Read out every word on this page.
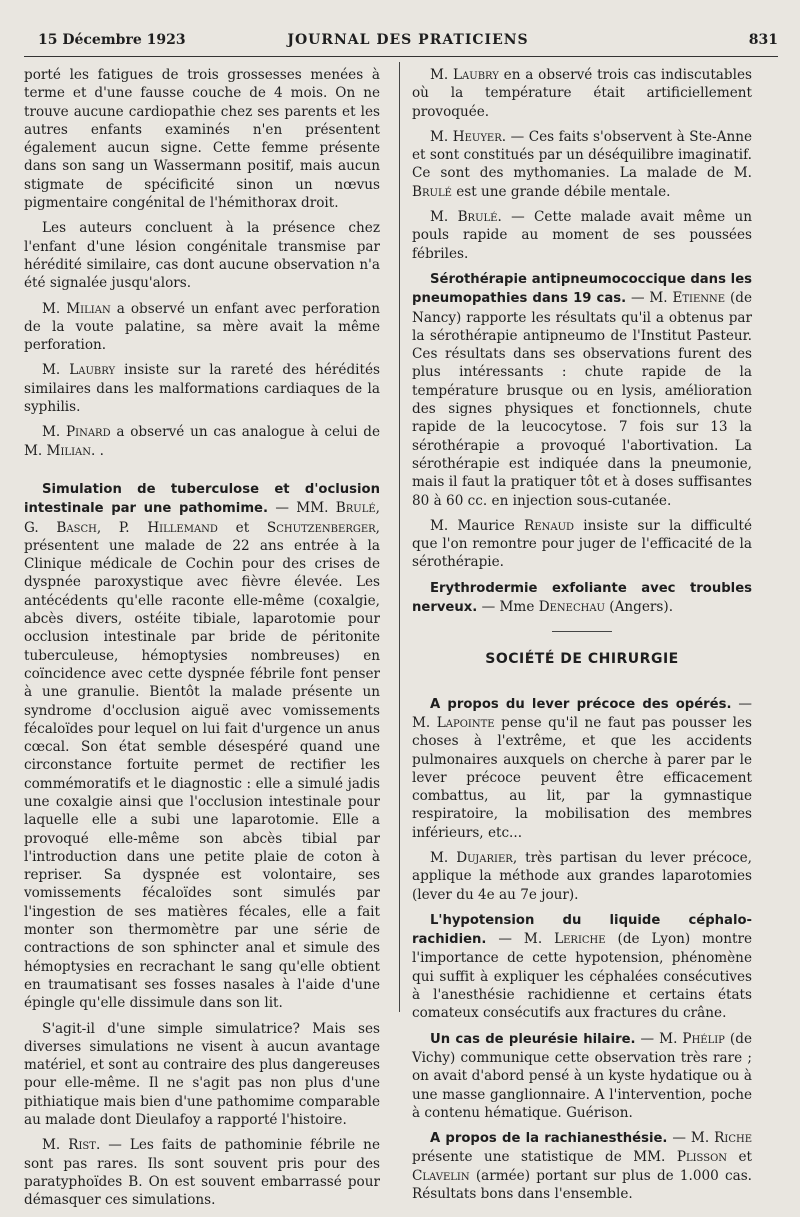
15 Décembre 1923	JOURNAL DES PRATICIENS	831

porté les fatigues de trois grossesses menées à terme et d'une fausse couche de 4 mois. On ne trouve aucune cardiopathie chez ses parents et les autres enfants examinés n'en présentent également aucun signe. Cette femme présente dans son sang un Wassermann positif, mais aucun stigmate de spécificité sinon un nœvus pigmentaire congénital de l'hémithorax droit.

Les auteurs concluent à la présence chez l'enfant d'une lésion congénitale transmise par hérédité similaire, cas dont aucune observation n'a été signalée jusqu'alors.

M. Milian a observé un enfant avec perforation de la voute palatine, sa mère avait la même perforation.

M. Laubry insiste sur la rareté des hérédités similaires dans les malformations cardiaques de la syphilis.

M. Pinard a observé un cas analogue à celui de M. Milian. .

Simulation de tuberculose et d'oclusion intestinale par une pathomime. — MM. Brulé, G. Basch, P. Hillemand et Schutzenberger, présentent une malade de 22 ans entrée à la Clinique médicale de Cochin pour des crises de dyspnée paroxystique avec fièvre élevée. Les antécédents qu'elle raconte elle-même (coxalgie, abcès divers, ostéite tibiale, laparotomie pour occlusion intestinale par bride de péritonite tuberculeuse, hémoptysies nombreuses) en coïncidence avec cette dyspnée fébrile font penser à une granulie. Bientôt la malade présente un syndrome d'occlusion aiguë avec vomissements fécaloïdes pour lequel on lui fait d'urgence un anus cœcal. Son état semble désespéré quand une circonstance fortuite permet de rectifier les commémoratifs et le diagnostic : elle a simulé jadis une coxalgie ainsi que l'occlusion intestinale pour laquelle elle a subi une laparotomie. Elle a provoqué elle-même son abcès tibial par l'introduction dans une petite plaie de coton à repriser. Sa dyspnée est volontaire, ses vomissements fécaloïdes sont simulés par l'ingestion de ses matières fécales, elle a fait monter son thermomètre par une série de contractions de son sphincter anal et simule des hémoptysies en recrachant le sang qu'elle obtient en traumatisant ses fosses nasales à l'aide d'une épingle qu'elle dissimule dans son lit.

S'agit-il d'une simple simulatrice? Mais ses diverses simulations ne visent à aucun avantage matériel, et sont au contraire des plus dangereuses pour elle-même. Il ne s'agit pas non plus d'une pithiatique mais bien d'une pathomime comparable au malade dont Dieulafoy a rapporté l'histoire.

M. Rist. — Les faits de pathominie fébrile ne sont pas rares. Ils sont souvent pris pour des paratyphoïdes B. On est souvent embarrassé pour démasquer ces simulations.

M. Laubry en a observé trois cas indiscutables où la température était artificiellement provoquée.

M. Heuyer. — Ces faits s'observent à Ste-Anne et sont constitués par un déséquilibre imaginatif. Ce sont des mythomanies. La malade de M. Brulé est une grande débile mentale.

M. Brulé. — Cette malade avait même un pouls rapide au moment de ses poussées fébriles.

Sérothérapie antipneumococcique dans les pneumopathies dans 19 cas. — M. Etienne (de Nancy) rapporte les résultats qu'il a obtenus par la sérothérapie antipneumo de l'Institut Pasteur. Ces résultats dans ses observations furent des plus intéressants : chute rapide de la température brusque ou en lysis, amélioration des signes physiques et fonctionnels, chute rapide de la leucocytose. 7 fois sur 13 la sérothérapie a provoqué l'abortivation. La sérothérapie est indiquée dans la pneumonie, mais il faut la pratiquer tôt et à doses suffisantes 80 à 60 cc. en injection sous-cutanée.

M. Maurice Renaud insiste sur la difficulté que l'on remontre pour juger de l'efficacité de la sérothérapie.

Erythrodermie exfoliante avec troubles nerveux. — Mme Denechau (Angers).

SOCIÉTÉ DE CHIRURGIE

A propos du lever précoce des opérés. — M. Lapointe pense qu'il ne faut pas pousser les choses à l'extrême, et que les accidents pulmonaires auxquels on cherche à parer par le lever précoce peuvent être efficacement combattus, au lit, par la gymnastique respiratoire, la mobilisation des membres inférieurs, etc...

M. Dujarier, très partisan du lever précoce, applique la méthode aux grandes laparotomies (lever du 4e au 7e jour).

L'hypotension du liquide céphalo-rachidien. — M. Leriche (de Lyon) montre l'importance de cette hypotension, phénomène qui suffit à expliquer les céphalées consécutives à l'anesthésie rachidienne et certains états comateux consécutifs aux fractures du crâne.

Un cas de pleurésie hilaire. — M. Phélip (de Vichy) communique cette observation très rare ; on avait d'abord pensé à un kyste hydatique ou à une masse ganglionnaire. A l'intervention, poche à contenu hématique. Guérison.

A propos de la rachianesthésie. — M. Riche présente une statistique de MM. Plisson et Clavelin (armée) portant sur plus de 1.000 cas. Résultats bons dans l'ensemble.
